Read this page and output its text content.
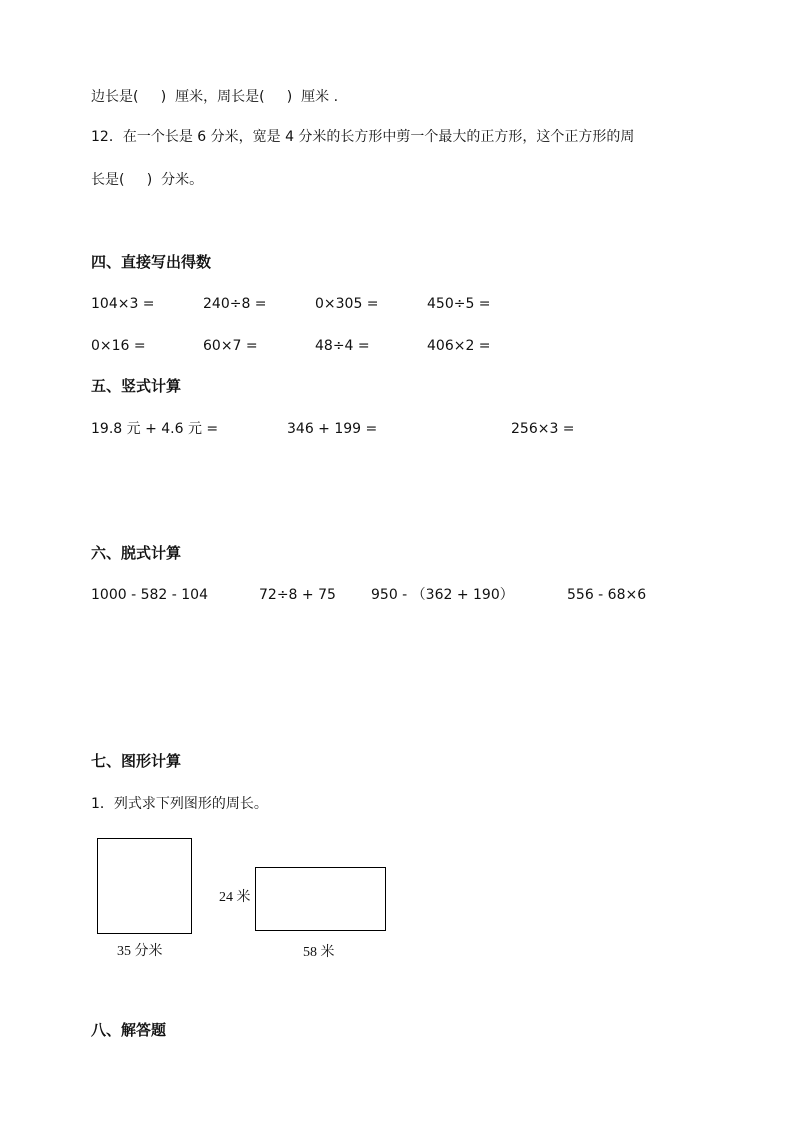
边长是(     )  厘米，周长是(     )  厘米 .
12．在一个长是 6 分米，宽是 4 分米的长方形中剪一个最大的正方形，这个正方形的周
长是(     )  分米。
四、直接写出得数
104×3 =	240÷8 =	0×305 =	450÷5 =
0×16 =	60×7 =	48÷4 =	406×2 =
五、竖式计算
19.8 元 + 4.6 元 =	346 + 199 =	256×3 =
六、脱式计算
1000 - 582 - 104	72÷8 + 75	950 - （362 + 190）	556 - 68×6
七、图形计算
1．列式求下列图形的周长。
35 分米
24 米
58 米
八、解答题
